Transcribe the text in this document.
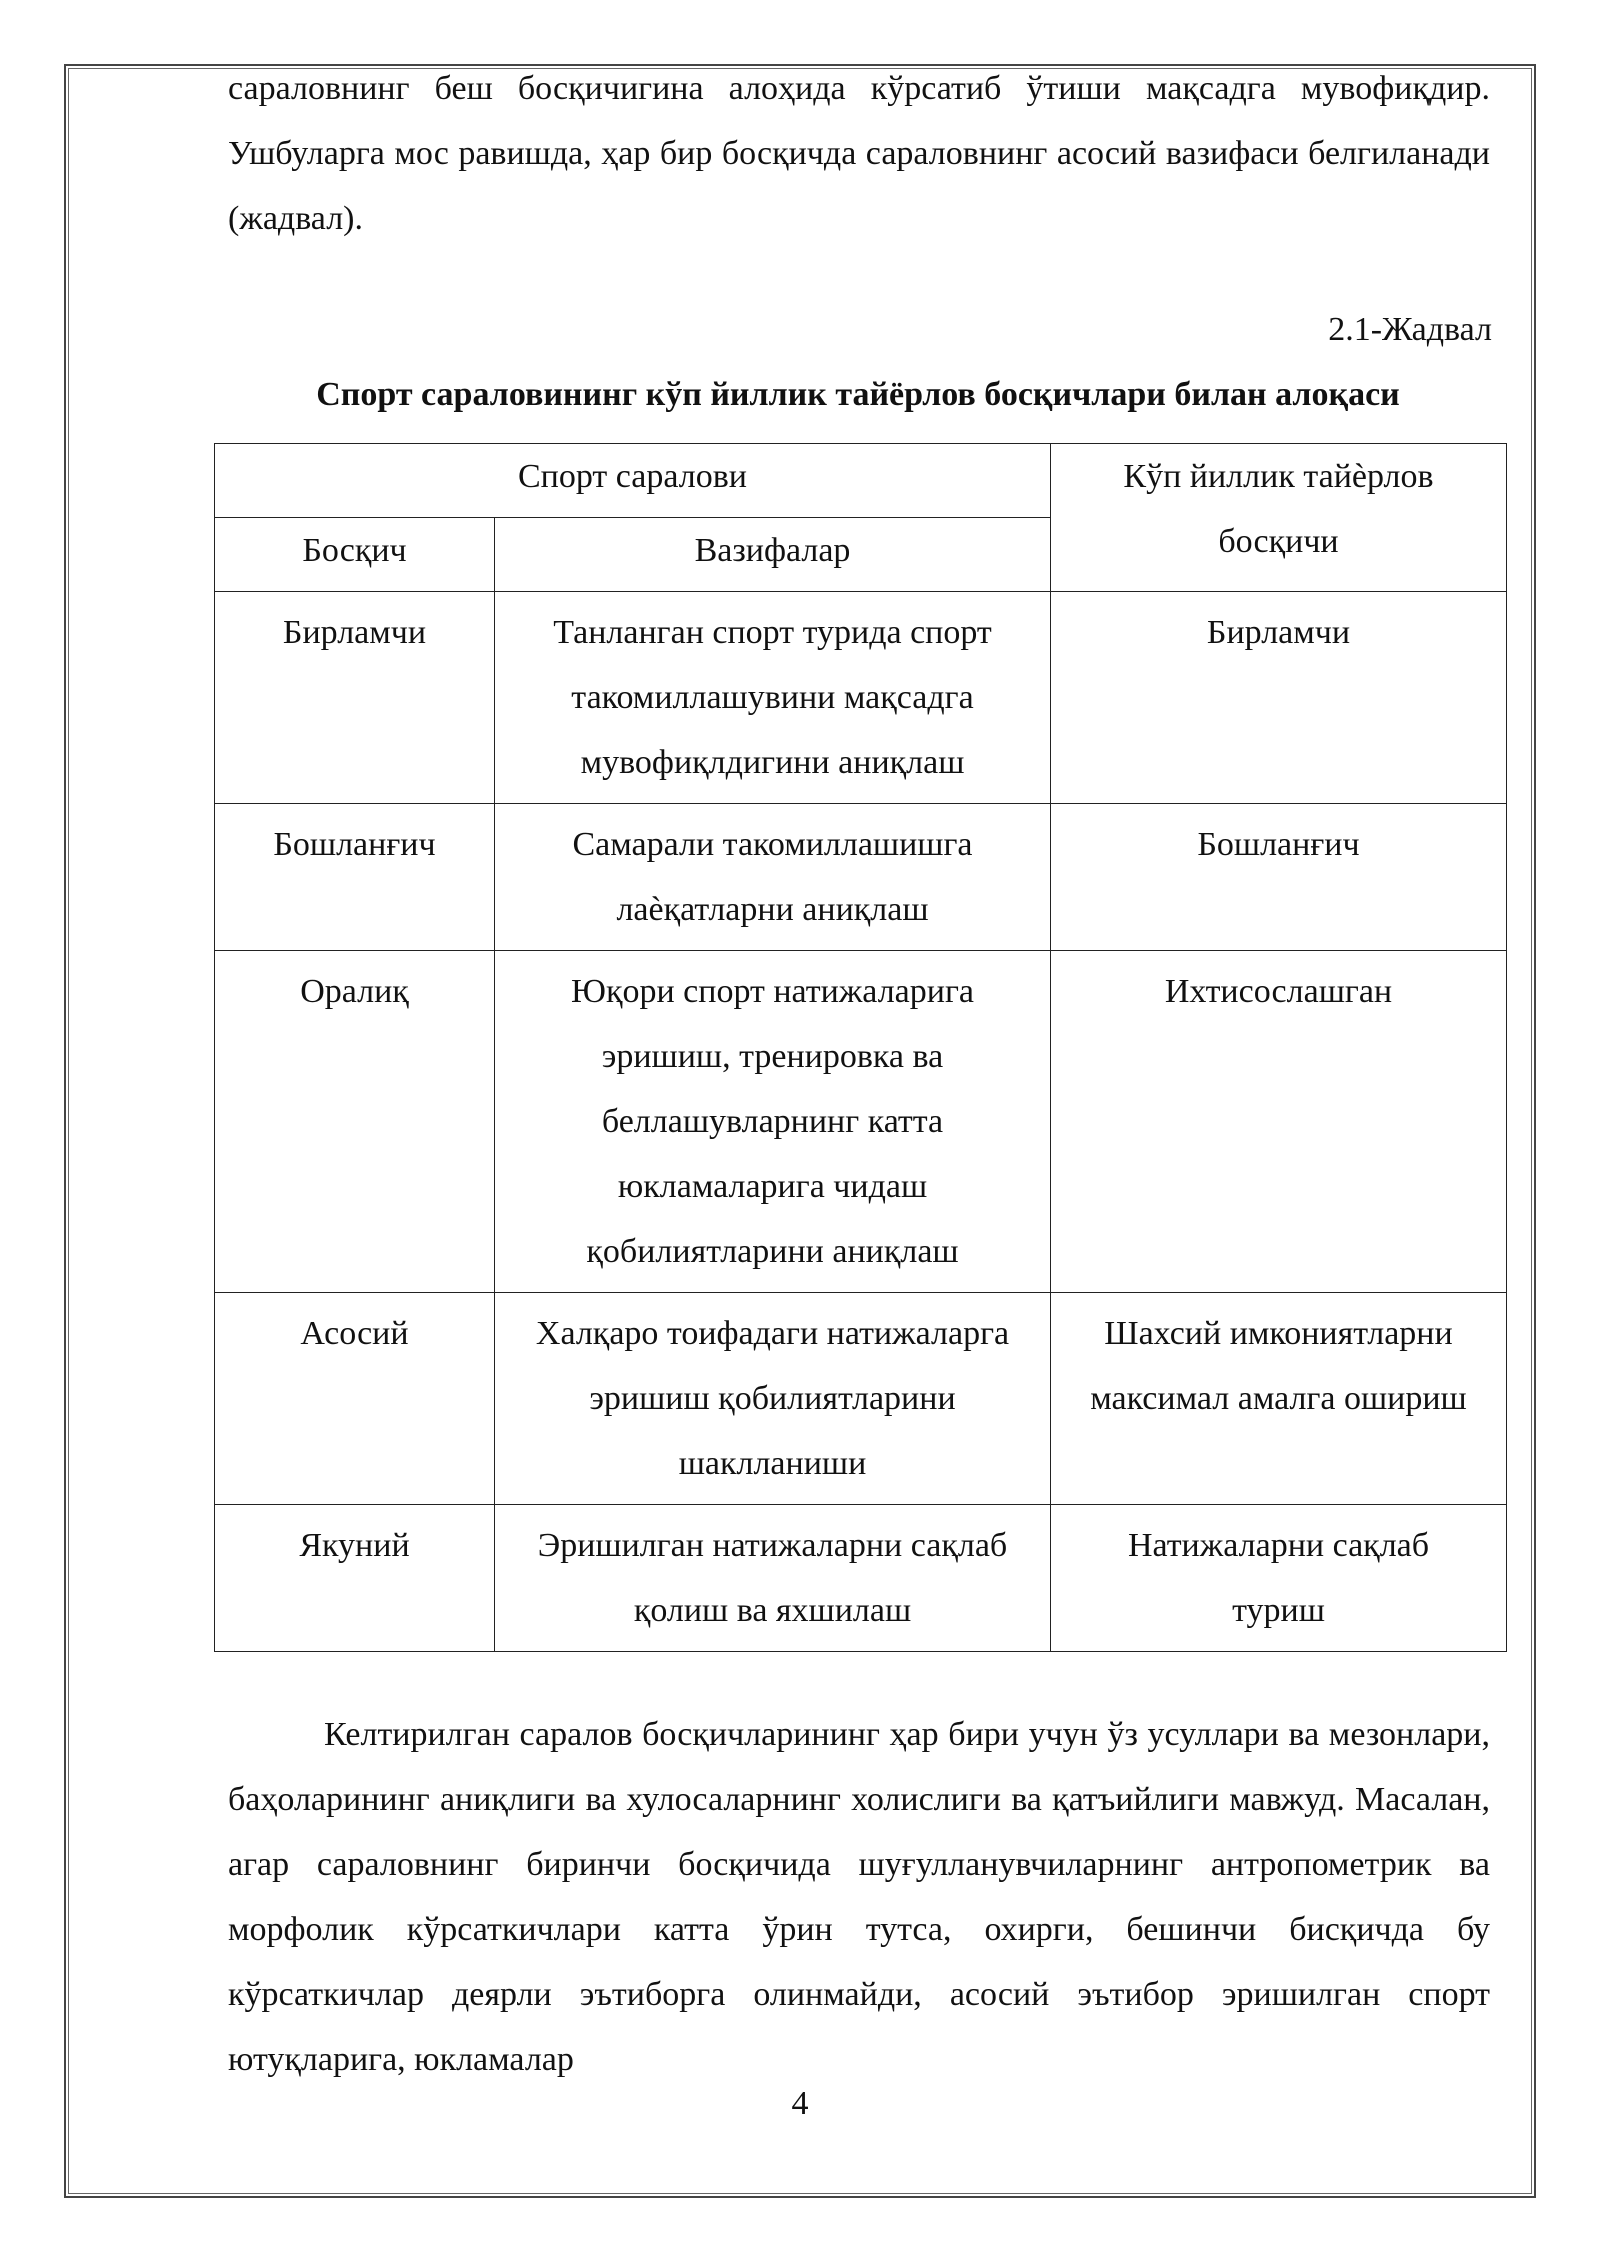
сараловнинг беш босқичигина алоҳида кўрсатиб ўтиши мақсадга мувофиқдир. Ушбуларга мос равишда, ҳар бир босқичда сараловнинг асосий вазифаси белгиланади (жадвал).

2.1-Жадвал
Спорт сараловининг кўп йиллик тайёрлов босқичлари билан алоқаси
Спорт саралови		Кўп йиллик тайѐрлов босқичи
Босқич	Вазифалар	
Бирламчи	Танланган спорт турида спорт такомиллашувини мақсадга мувофиқлдигини аниқлаш	Бирламчи
Бошланғич	Самарали такомиллашишга лаѐқатларни аниқлаш	Бошланғич
Оралиқ	Юқори спорт натижаларига эришиш, тренировка ва беллашувларнинг катта юкламаларига чидаш қобилиятларини аниқлаш	Ихтисослашган
Асосий	Халқаро тоифадаги натижаларга эришиш қобилиятларини шаклланиши	Шахсий имкониятларни максимал амалга ошириш
Якуний	Эришилган натижаларни сақлаб қолиш ва яхшилаш	Натижаларни сақлаб туриш

Келтирилган саралов босқичларининг ҳар бири учун ўз усуллари ва мезонлари, баҳоларининг аниқлиги ва хулосаларнинг холислиги ва қатъийлиги мавжуд. Масалан, агар сараловнинг биринчи босқичида шуғулланувчиларнинг антропометрик ва морфолик кўрсаткичлари катта ўрин тутса, охирги, бешинчи бисқичда бу кўрсаткичлар деярли эътиборга олинмайди, асосий эътибор эришилган спорт ютуқларига, юкламалар

4
